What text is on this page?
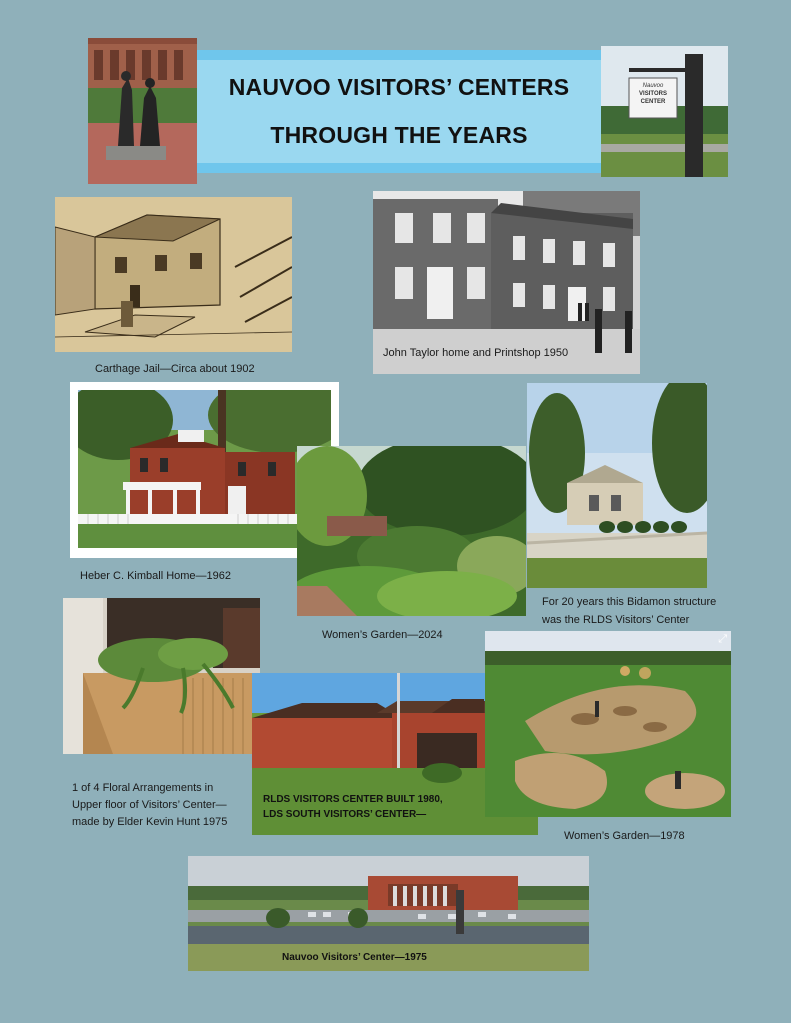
NAUVOO VISITORS’ CENTERS
THROUGH THE YEARS
Nauvoo
VISITORS
CENTER
Carthage Jail—Circa about 1902
John Taylor home and Printshop 1950
Heber C. Kimball Home—1962
Women’s Garden—2024
For 20 years this Bidamon structure
was the RLDS Visitors’ Center
1 of 4 Floral Arrangements in
Upper floor of Visitors’ Center—
made by Elder Kevin Hunt 1975
RLDS VISITORS CENTER BUILT 1980,
LDS SOUTH VISITORS’ CENTER—
⤢
Women’s Garden—1978
Nauvoo Visitors’ Center—1975
